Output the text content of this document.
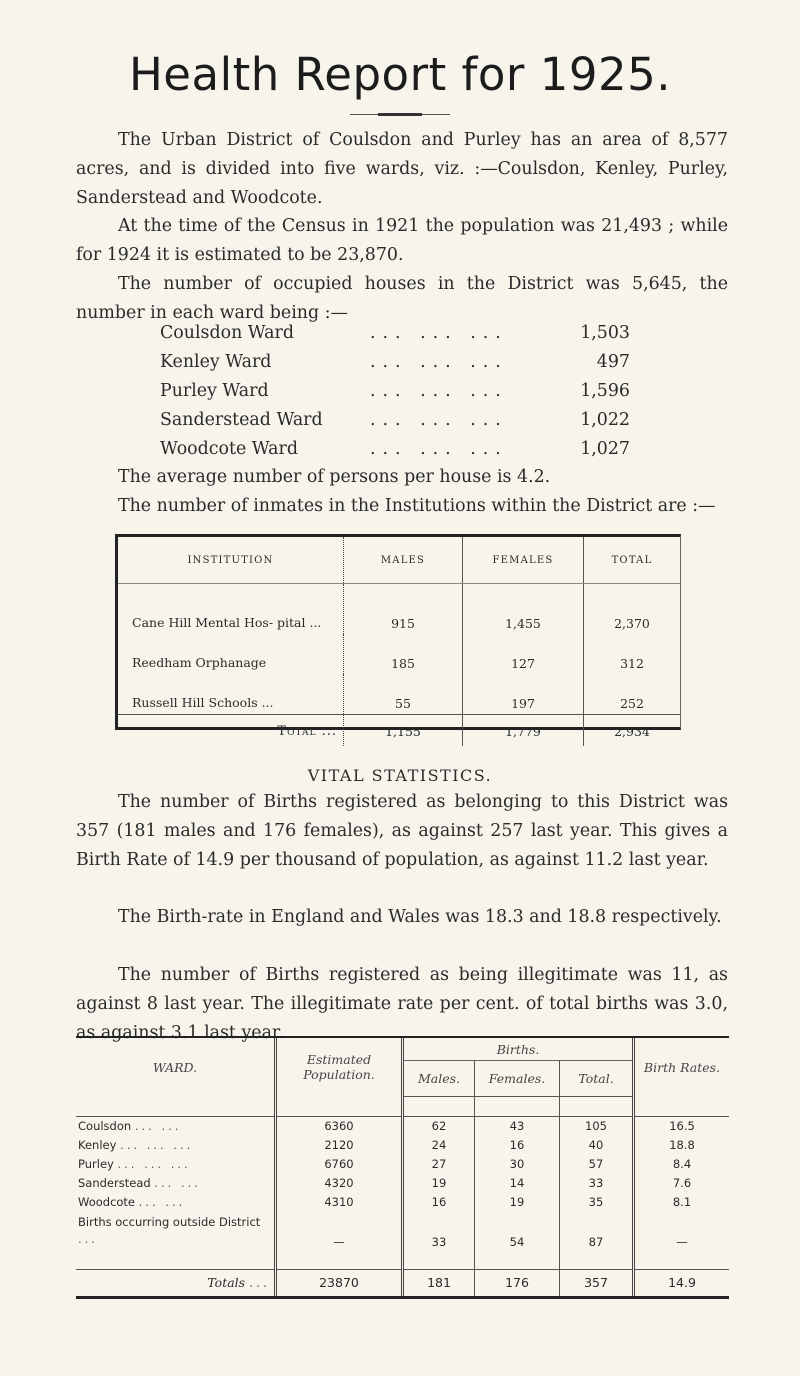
Health Report for 1925.

The Urban District of Coulsdon and Purley has an area of 8,577 acres, and is divided into five wards, viz. :—Coulsdon, Kenley, Purley, Sanderstead and Woodcote.

At the time of the Census in 1921 the population was 21,493 ; while for 1924 it is estimated to be 23,870.

The number of occupied houses in the District was 5,645, the number in each ward being :—

Coulsdon Ward	... ... ...	1,503
Kenley Ward	... ... ...	497
Purley Ward	... ... ...	1,596
Sanderstead Ward	... ... ...	1,022
Woodcote Ward	... ... ...	1,027

The average number of persons per house is 4.2.

The number of inmates in the Institutions within the District are :—

INSTITUTION	MALES	FEMALES	TOTAL
Cane Hill Mental Hos- pital ...	915	1,455	2,370
Reedham Orphanage	185	127	312
Russell Hill Schools ...	55	197	252
Total ...	1,155	1,779	2,934
VITAL STATISTICS.

The number of Births registered as belonging to this District was 357 (181 males and 176 females), as against 257 last year. This gives a Birth Rate of 14.9 per thousand of population, as against 11.2 last year.

The Birth-rate in England and Wales was 18.3 and 18.8 respectively.

The number of Births registered as being illegitimate was 11, as against 8 last year. The illegitimate rate per cent. of total births was 3.0, as against 3.1 last year.

WARD.	Estimated Population.	Births.			Birth Rates.
		Males.	Females.	Total.	

Coulsdon ... ...	6360	62	43	105	16.5
Kenley ... ... ...	2120	24	16	40	18.8
Purley ... ... ...	6760	27	30	57	8.4
Sanderstead ... ...	4320	19	14	33	7.6
Woodcote ... ...	4310	16	19	35	8.1
Births occurring outside District ...	—	33	54	87	—

Totals ...	23870	181	176	357	14.9
